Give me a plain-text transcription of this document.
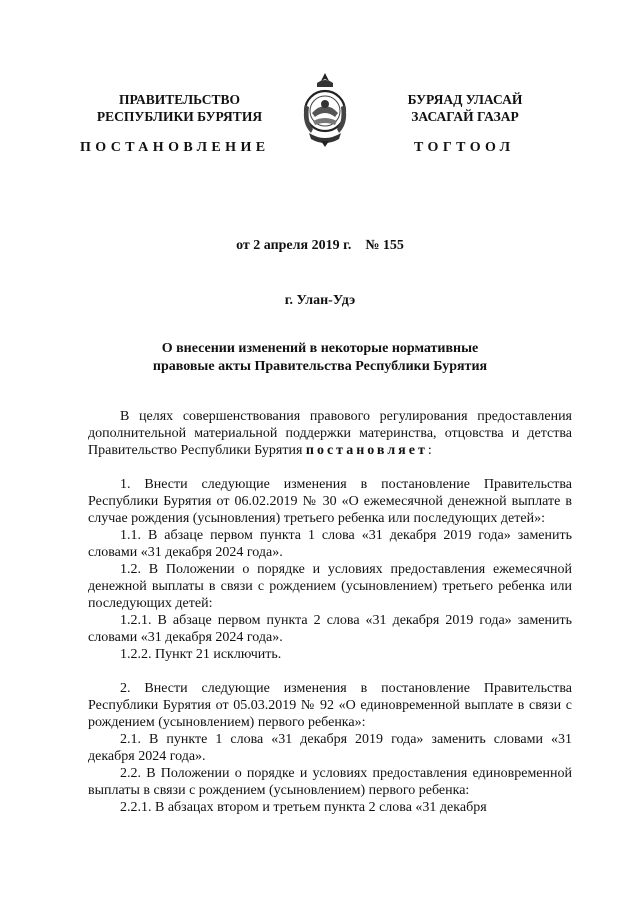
ПРАВИТЕЛЬСТВО
РЕСПУБЛИКИ БУРЯТИЯ
ПОСТАНОВЛЕНИЕ
БУРЯАД УЛАСАЙ
ЗАСАГАЙ ГАЗАР
ТОГТООЛ
от 2 апреля 2019 г.    № 155
г. Улан-Удэ
О внесении изменений в некоторые нормативные
правовые акты Правительства Республики Бурятия

В целях совершенствования правового регулирования предоставления дополнительной материальной поддержки материнства, отцовства и детства Правительство Республики Бурятия постановляет:

1. Внести следующие изменения в постановление Правительства Республики Бурятия от 06.02.2019 № 30 «О ежемесячной денежной выплате в случае рождения (усыновления) третьего ребенка или последующих детей»:

1.1. В абзаце первом пункта 1 слова «31 декабря 2019 года» заменить словами «31 декабря 2024 года».

1.2. В Положении о порядке и условиях предоставления ежемесячной денежной выплаты в связи с рождением (усыновлением) третьего ребенка или последующих детей:

1.2.1. В абзаце первом пункта 2 слова «31 декабря 2019 года» заменить словами «31 декабря 2024 года».

1.2.2. Пункт 21 исключить.

2. Внести следующие изменения в постановление Правительства Республики Бурятия от 05.03.2019 № 92 «О единовременной выплате в связи с рождением (усыновлением) первого ребенка»:

2.1. В пункте 1 слова «31 декабря 2019 года» заменить словами «31 декабря 2024 года».

2.2. В Положении о порядке и условиях предоставления единовременной выплаты в связи с рождением (усыновлением) первого ребенка:

2.2.1. В абзацах втором и третьем пункта 2 слова «31 декабря
